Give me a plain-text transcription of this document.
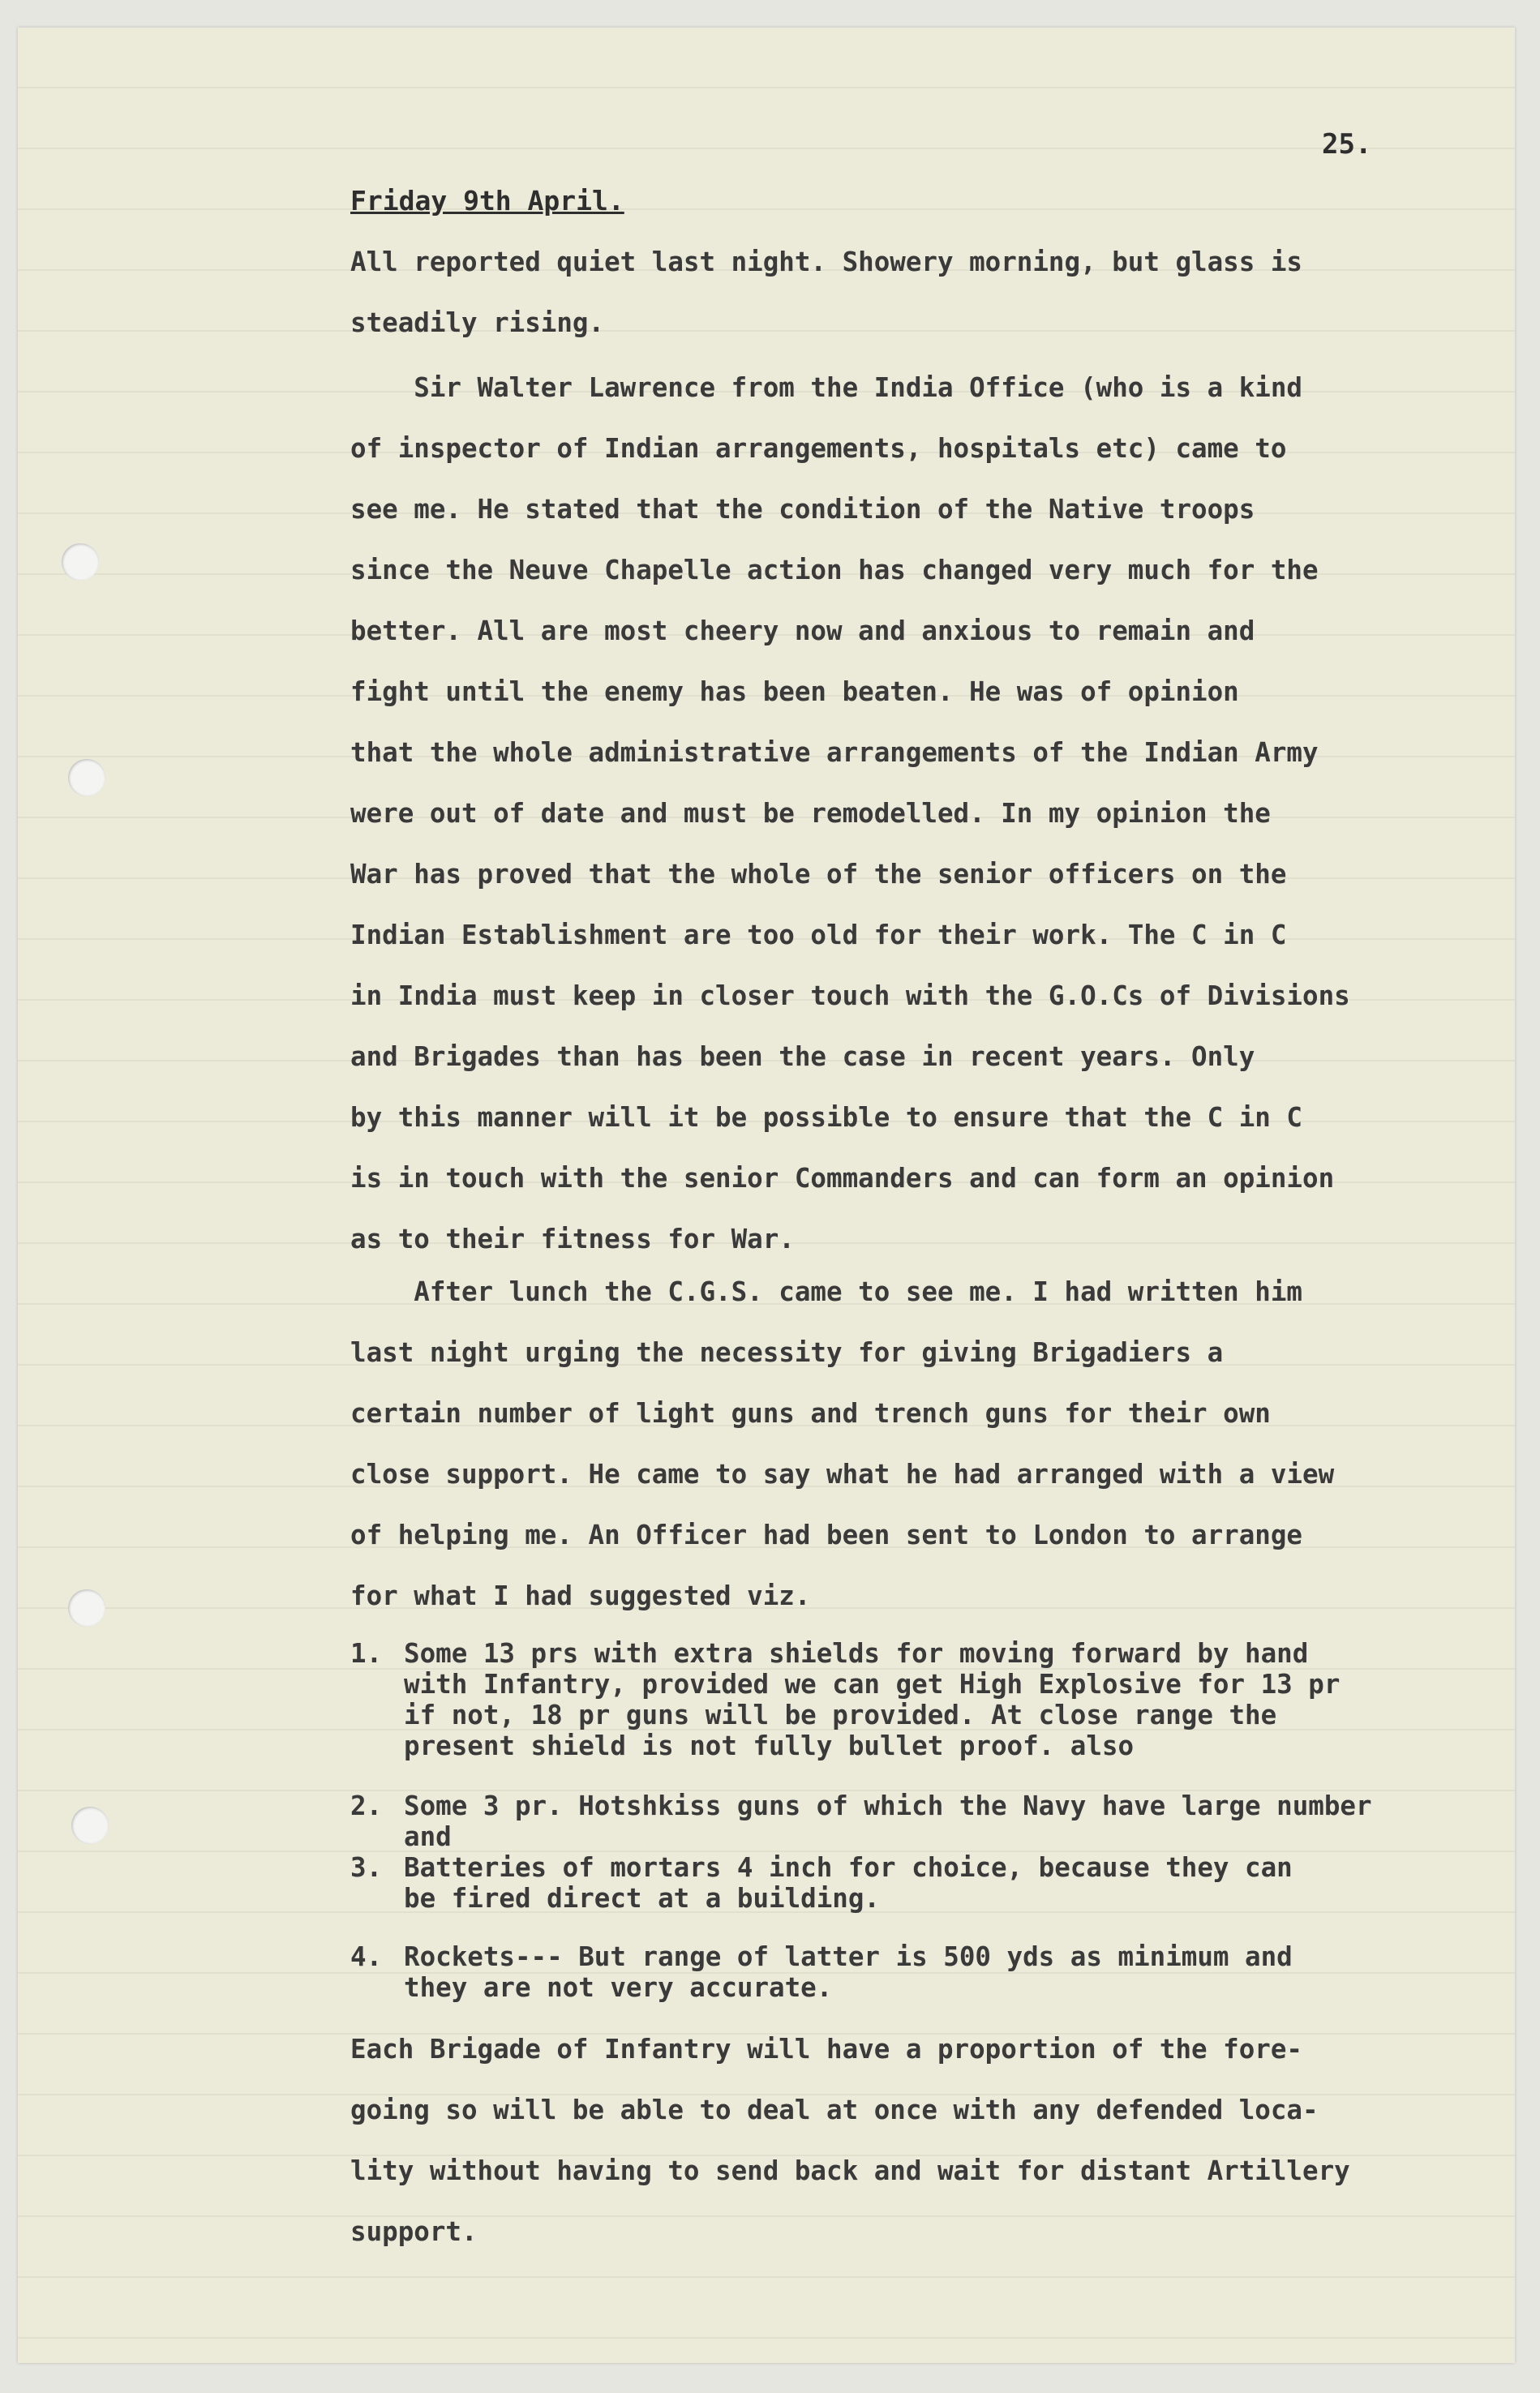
25.
Friday 9th April.
All reported quiet last night. Showery morning, but glass is
steadily rising.
Sir Walter Lawrence from the India Office (who is a kind
of inspector of Indian arrangements, hospitals etc) came to
see me. He stated that the condition of the Native troops
since the Neuve Chapelle action has changed very much for the
better. All are most cheery now and anxious to remain and
fight until the enemy has been beaten. He was of opinion
that the whole administrative arrangements of the Indian Army
were out of date and must be remodelled. In my opinion the
War has proved that the whole of the senior officers on the
Indian Establishment are too old for their work. The C in C
in India must keep in closer touch with the G.O.Cs of Divisions
and Brigades than has been the case in recent years. Only
by this manner will it be possible to ensure that the C in C
is in touch with the senior Commanders and can form an opinion
as to their fitness for War.
After lunch the C.G.S. came to see me. I had written him
last night urging the necessity for giving Brigadiers a
certain number of light guns and trench guns for their own
close support. He came to say what he had arranged with a view
of helping me. An Officer had been sent to London to arrange
for what I had suggested viz.
1. Some 13 prs with extra shields for moving forward by hand
with Infantry, provided we can get High Explosive for 13 pr
if not, 18 pr guns will be provided. At close range the
present shield is not fully bullet proof. also
2. Some 3 pr. Hotshkiss guns of which the Navy have large number
and
3. Batteries of mortars 4 inch for choice, because they can
be fired direct at a building.
4. Rockets--- But range of latter is 500 yds as minimum and
they are not very accurate.
Each Brigade of Infantry will have a proportion of the fore-
going so will be able to deal at once with any defended loca-
lity without having to send back and wait for distant Artillery
support.
